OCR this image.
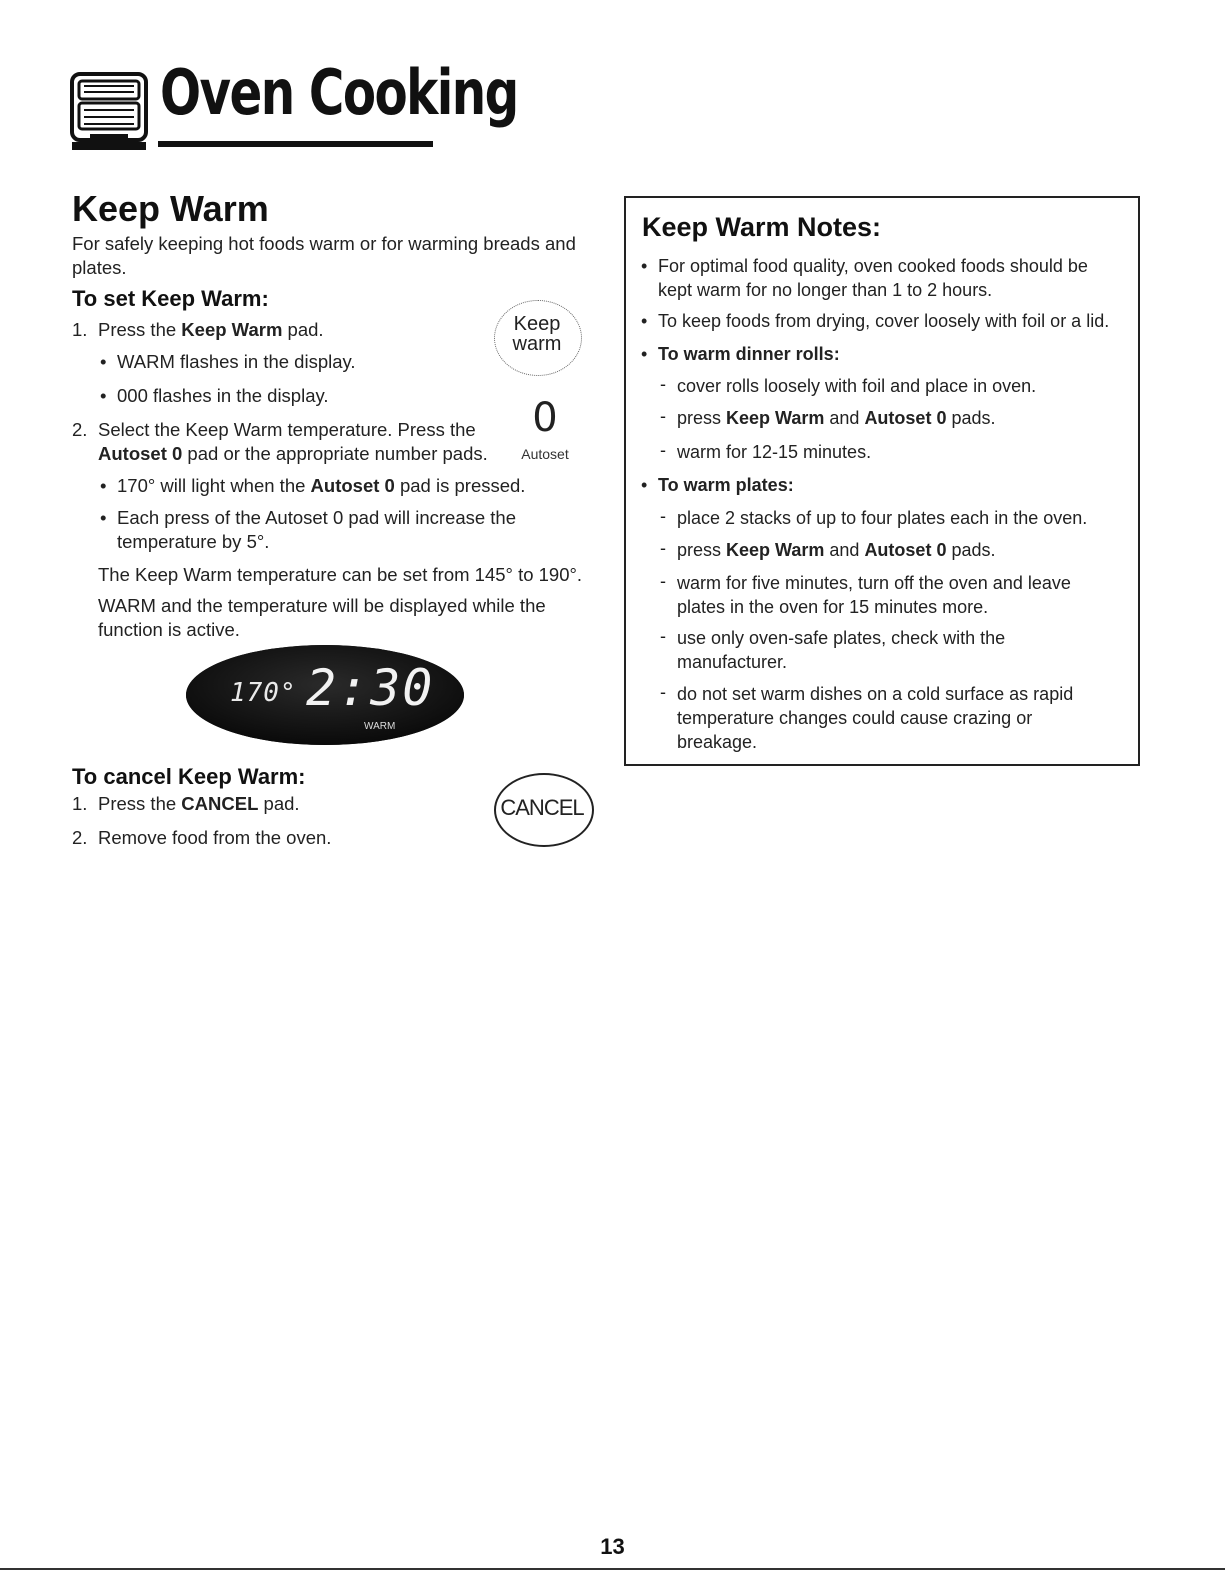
Oven Cooking
Keep Warm
For safely keeping hot foods warm or for warming breads and plates.
To set Keep Warm:
1. Press the Keep Warm pad.
• WARM flashes in the display.
• 000 flashes in the display.
Keep
warm
2. Select the Keep Warm temperature. Press the Autoset 0 pad or the appropriate number pads.
0
Autoset
• 170° will light when the Autoset 0 pad is pressed.
• Each press of the Autoset 0 pad will increase the temperature by 5°.
The Keep Warm temperature can be set from 145° to 190°.
WARM and the temperature will be displayed while the function is active.
170° 2:30
WARM
To cancel Keep Warm:
1. Press the CANCEL pad.
2. Remove food from the oven.
CANCEL
Keep Warm Notes:
• For optimal food quality, oven cooked foods should be kept warm for no longer than 1 to 2 hours.
• To keep foods from drying, cover loosely with foil or a lid.
• To warm dinner rolls:
- cover rolls loosely with foil and place in oven.
- press Keep Warm and Autoset 0 pads.
- warm for 12-15 minutes.
• To warm plates:
- place 2 stacks of up to four plates each in the oven.
- press Keep Warm and Autoset 0 pads.
- warm for five minutes, turn off the oven and leave plates in the oven for 15 minutes more.
- use only oven-safe plates, check with the manufacturer.
- do not set warm dishes on a cold surface as rapid temperature changes could cause crazing or breakage.
13
